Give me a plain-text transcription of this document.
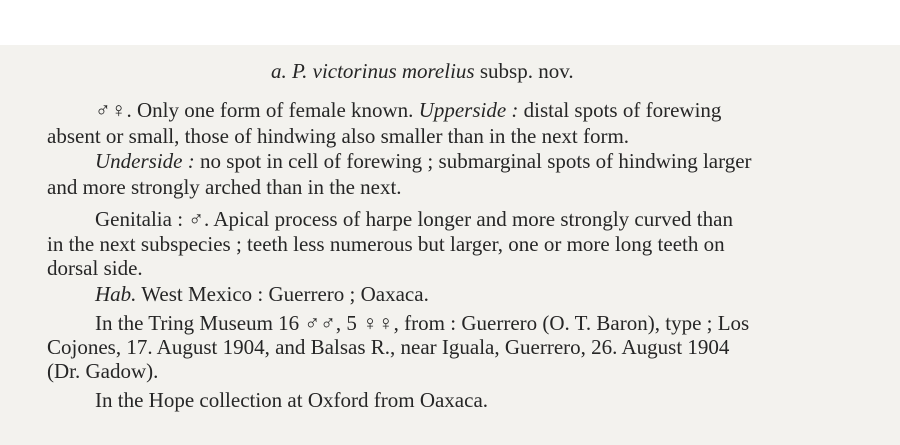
a. P. victorinus morelius subsp. nov.
♂♀. Only one form of female known. Upperside : distal spots of forewing
absent or small, those of hindwing also smaller than in the next form.
Underside : no spot in cell of forewing ; submarginal spots of hindwing larger
and more strongly arched than in the next.
Genitalia : ♂. Apical process of harpe longer and more strongly curved than
in the next subspecies ; teeth less numerous but larger, one or more long teeth on
dorsal side.
Hab. West Mexico : Guerrero ; Oaxaca.
In the Tring Museum 16 ♂♂, 5 ♀♀, from : Guerrero (O. T. Baron), type ; Los
Cojones, 17. August 1904, and Balsas R., near Iguala, Guerrero, 26. August 1904
(Dr. Gadow).
In the Hope collection at Oxford from Oaxaca.
